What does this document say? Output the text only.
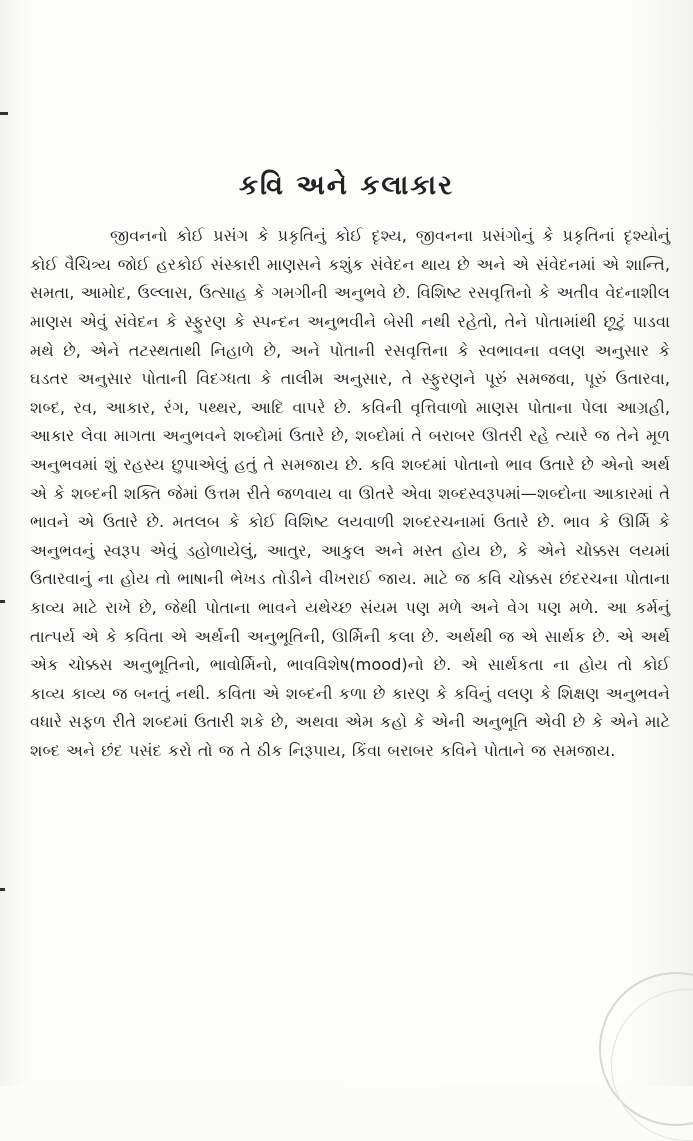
કવિ અને કલાકાર

જીવનનો કોઈ પ્રસંગ કે પ્રકૃતિનું કોઈ દૃશ્ય, જીવનના પ્રસંગોનું કે પ્રકૃતિનાં દૃશ્યોનું કોઈ વૈચિત્ર્ય જોઈ હરકોઈ સંસ્કારી માણસને કશુંક સંવેદન થાય છે અને એ સંવેદનમાં એ શાન્તિ, સમતા, આમોદ, ઉલ્લાસ, ઉત્સાહ કે ગમગીની અનુભવે છે. વિશિષ્ટ રસવૃત્તિનો કે અતીવ વેદનાશીલ માણસ એવું સંવેદન કે સ્ફુરણ કે સ્પન્દન અનુભવીને બેસી નથી રહેતો, તેને પોતામાંથી છૂટું પાડવા મથે છે, એને તટસ્થતાથી નિહાળે છે, અને પોતાની રસવૃત્તિના કે સ્વભાવના વલણ અનુસાર કે ઘડતર અનુસાર પોતાની વિદગ્ધતા કે તાલીમ અનુસાર, તે સ્ફુરણને પૂરું સમજવા, પૂરું ઉતારવા, શબ્દ, રવ, આકાર, રંગ, પથ્થર, આદિ વાપરે છે. કવિની વૃત્તિવાળો માણસ પોતાના પેલા આગ્રહી, આકાર લેવા માગતા અનુભવને શબ્દોમાં ઉતારે છે, શબ્દોમાં તે બરાબર ઊતરી રહે ત્યારે જ તેને મૂળ અનુભવમાં શું રહસ્ય છુપાએલું હતું તે સમજાય છે. કવિ શબ્દમાં પોતાનો ભાવ ઉતારે છે એનો અર્થ એ કે શબ્દની શક્તિ જેમાં ઉત્તમ રીતે જળવાય વા ઊતરે એવા શબ્દસ્વરૂપમાં—શબ્દોના આકારમાં તે ભાવને એ ઉતારે છે. મતલબ કે કોઈ વિશિષ્ટ લયવાળી શબ્દરચનામાં ઉતારે છે. ભાવ કે ઊર્મિ કે અનુભવનું સ્વરૂપ એવું ડહોળાયેલું, આતુર, આકુલ અને મસ્ત હોય છે, કે એને ચોક્કસ લયમાં ઉતારવાનું ના હોય તો ભાષાની ભેખડ તોડીને વીખરાઈ જાય. માટે જ કવિ ચોક્કસ છંદરચના પોતાના કાવ્ય માટે રાખે છે, જેથી પોતાના ભાવને યથેચ્છ સંયમ પણ મળે અને વેગ પણ મળે. આ કર્મનું તાત્પર્ય એ કે કવિતા એ અર્થની અનુભૂતિની, ઊર્મિની કલા છે. અર્થથી જ એ સાર્થક છે. એ અર્થ એક ચોક્કસ અનુભૂતિનો, ભાવોર્મિનો, ભાવવિશેષ(mood)નો છે. એ સાર્થકતા ના હોય તો કોઈ કાવ્ય કાવ્ય જ બનતું નથી. કવિતા એ શબ્દની કળા છે કારણ કે કવિનું વલણ કે શિક્ષણ અનુભવને વધારે સફળ રીતે શબ્દમાં ઉતારી શકે છે, અથવા એમ કહો કે એની અનુભૂતિ એવી છે કે એને માટે શબ્દ અને છંદ પસંદ કરો તો જ તે ઠીક નિરૂપાય, કિંવા બરાબર કવિને પોતાને જ સમજાય.
